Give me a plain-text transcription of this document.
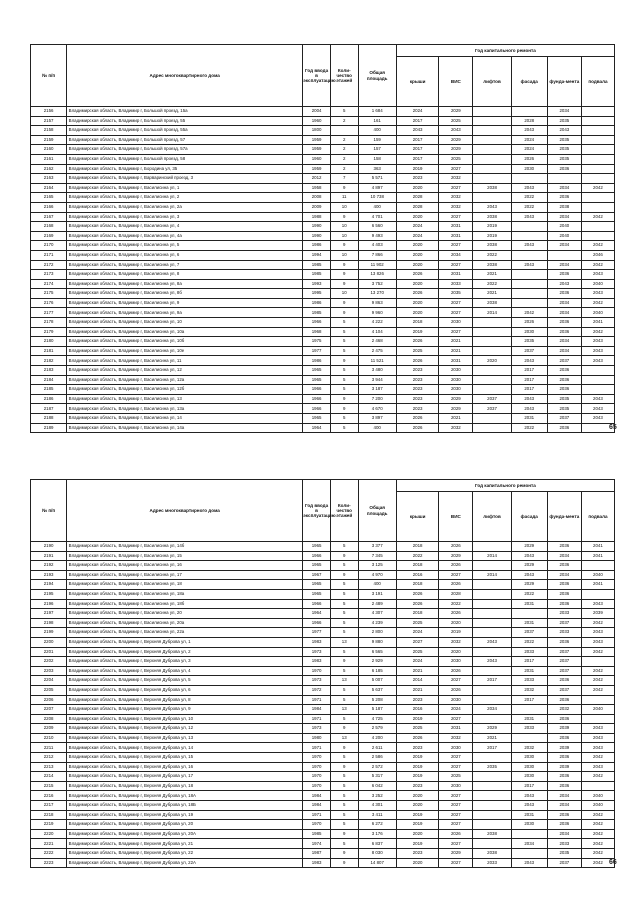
№ п/п	Адрес многоквартирного дома	Год ввода в эксплуатацию	Коли-чество этажей	Общая площадь	Год капитального ремонта					
					крыши	ВИС	лифтов	фасада	фунда-мента	подвала
2156	Владимирская область, Владимир г, Большой проезд, 15а	2004	5	1 684	2024	2029			2034	
2157	Владимирская область, Владимир г, Большой проезд, 55	1960	2	161	2017	2025		2028	2035	
2158	Владимирская область, Владимир г, Большой проезд, 55а	1800		400	2043	2043		2043	2043	
2159	Владимирская область, Владимир г, Большой проезд, 57	1959	2	159	2017	2029		2024	2035	
2160	Владимирская область, Владимир г, Большой проезд, 57а	1959	2	157	2017	2029		2024	2035	
2161	Владимирская область, Владимир г, Большой проезд, 58	1960	2	158	2017	2025		2026	2035	
2162	Владимирская область, Владимир г, Бородина ул, 35	1959	2	363	2019	2027		2030	2036	
2163	Владимирская область, Владимир г, Варваринский проезд, 3	2012	7	5 571	2023	2032				
2164	Владимирская область, Владимир г, Василисина ул, 1	1958	9	4 897	2020	2027	2038	2043	2034	2042
2165	Владимирская область, Владимир г, Василисина ул, 2	2008	11	10 738	2028	2032		2022	2036	
2166	Владимирская область, Владимир г, Василисина ул, 2а	2009	10	400	2028	2032	2043	2022	2038	
2167	Владимирская область, Владимир г, Василисина ул, 3	1988	9	4 701	2020	2027	2038	2043	2034	2042
2168	Владимирская область, Владимир г, Василисина ул, 4	1990	10	6 560	2024	2031	2019		2040	
2169	Владимирская область, Владимир г, Василисина ул, 4а	1990	10	9 493	2024	2031	2019		2040	
2170	Владимирская область, Владимир г, Василисина ул, 5	1986	9	4 403	2020	2027	2038	2043	2034	2042
2171	Владимирская область, Владимир г, Василисина ул, 6	1994	10	7 866	2020	2034	2022			2046
2172	Владимирская область, Владимир г, Василисина ул, 7	1985	9	11 902	2020	2027	2038	2043	2034	2042
2173	Владимирская область, Владимир г, Василисина ул, 8	1985	9	13 826	2026	2031	2021		2036	2043
2174	Владимирская область, Владимир г, Василисина ул, 8а	1993	9	3 752	2020	2033	2022		2043	2040
2175	Владимирская область, Владимир г, Василисина ул, 8б	1995	10	13 270	2026	2035	2021		2036	2043
2176	Владимирская область, Владимир г, Василисина ул, 9	1986	9	9 863	2020	2027	2038		2034	2042
2177	Владимирская область, Владимир г, Василисина ул, 9а	1985	9	9 960	2020	2027	2014	2042	2034	2040
2178	Владимирская область, Владимир г, Василисина ул, 10	1966	5	4 222	2018	2030		2026	2036	2041
2179	Владимирская область, Владимир г, Василисина ул, 10а	1968	5	4 104	2019	2027		2030	2036	2042
2180	Владимирская область, Владимир г, Василисина ул, 10б	1975	5	2 468	2026	2021		2035	2034	2043
2181	Владимирская область, Владимир г, Василисина ул, 10е	1977	5	2 475	2025	2021		2037	2034	2043
2182	Владимирская область, Владимир г, Василисина ул, 11	1986	9	11 521	2026	2031	2020	2043	2037	2043
2183	Владимирская область, Владимир г, Василисина ул, 12	1965	5	3 480	2023	2030		2017	2036	
2184	Владимирская область, Владимир г, Василисина ул, 12а	1965	5	3 944	2023	2030		2017	2036	
2185	Владимирская область, Владимир г, Василисина ул, 12б	1966	5	3 187	2023	2030		2017	2036	
2186	Владимирская область, Владимир г, Василисина ул, 13	1966	9	7 200	2023	2029	2037	2043	2035	2043
2187	Владимирская область, Владимир г, Василисина ул, 13а	1966	9	4 670	2023	2029	2037	2043	2035	2043
2188	Владимирская область, Владимир г, Василисина ул, 14	1965	5	3 897	2026	2021		2031	2037	2043
2189	Владимирская область, Владимир г, Василисина ул, 14а	1964	5	400	2026	2032		2022	2036		65
№ п/п	Адрес многоквартирного дома	Год ввода в эксплуатацию	Коли-чество этажей	Общая площадь	Год капитального ремонта					
					крыши	ВИС	лифтов	фасада	фунда-мента	подвала
2190	Владимирская область, Владимир г, Василисина ул, 14б	1965	5	3 377	2018	2026		2029	2036	2041
2191	Владимирская область, Владимир г, Василисина ул, 15	1966	9	7 345	2022	2029	2014	2043	2034	2041
2192	Владимирская область, Владимир г, Василисина ул, 16	1965	5	3 125	2018	2026		2029	2036	
2193	Владимирская область, Владимир г, Василисина ул, 17	1967	9	4 970	2016	2027	2014	2043	2034	2040
2194	Владимирская область, Владимир г, Василисина ул, 18	1965	5	400	2018	2026		2029	2036	2041
2195	Владимирская область, Владимир г, Василисина ул, 18а	1965	5	3 191	2026	2028		2022	2036	
2196	Владимирская область, Владимир г, Василисина ул, 18б	1966	5	2 489	2026	2022		2031	2036	2043
2197	Владимирская область, Владимир г, Василисина ул, 20	1964	5	4 307	2018	2026			2033	2039
2198	Владимирская область, Владимир г, Василисина ул, 20а	1966	5	4 239	2025	2020		2031	2037	2042
2199	Владимирская область, Владимир г, Василисина ул, 22а	1977	5	2 800	2024	2019		2037	2033	2043
2200	Владимирская область, Владимир г, Верхняя Дуброва ул, 1	1983	13	9 880	2027	2032	2043	2022	2036	2043
2201	Владимирская область, Владимир г, Верхняя Дуброва ул, 2	1973	5	6 565	2025	2020		2033	2037	2042
2202	Владимирская область, Владимир г, Верхняя Дуброва ул, 3	1983	9	2 929	2024	2030	2043	2017	2037	
2203	Владимирская область, Владимир г, Верхняя Дуброва ул, 4	1970	5	6 185	2021	2026		2031	2037	2042
2204	Владимирская область, Владимир г, Верхняя Дуброва ул, 5	1973	13	5 007	2014	2027	2017	2033	2036	2042
2205	Владимирская область, Владимир г, Верхняя Дуброва ул, 6	1972	5	5 637	2021	2026		2032	2037	2042
2206	Владимирская область, Владимир г, Верхняя Дуброва ул, 8	1971	5	5 208	2023	2030		2017	2036	
2207	Владимирская область, Владимир г, Верхняя Дуброва ул, 9	1984	13	5 187	2016	2024	2034		2032	2040
2208	Владимирская область, Владимир г, Верхняя Дуброва ул, 10	1971	5	4 725	2019	2027		2031	2036	
2209	Владимирская область, Владимир г, Верхняя Дуброва ул, 12	1973	9	2 579	2025	2031	2029	2033	2039	2043
2210	Владимирская область, Владимир г, Верхняя Дуброва ул, 13	1980	13	4 200	2026	2032	2021		2036	2043
2211	Владимирская область, Владимир г, Верхняя Дуброва ул, 14	1971	9	2 611	2023	2030	2017	2032	2039	2043
2212	Владимирская область, Владимир г, Верхняя Дуброва ул, 15	1970	5	2 586	2019	2027		2030	2036	2042
2213	Владимирская область, Владимир г, Верхняя Дуброва ул, 16	1970	9	2 572	2019	2027	2035	2030	2039	2043
2214	Владимирская область, Владимир г, Верхняя Дуброва ул, 17	1970	5	5 317	2019	2025		2030	2036	2042
2215	Владимирская область, Владимир г, Верхняя Дуброва ул, 18	1970	5	6 042	2023	2030		2017	2036	
2216	Владимирская область, Владимир г, Верхняя Дуброва ул, 18А	1984	5	3 252	2020	2027		2043	2034	2040
2217	Владимирская область, Владимир г, Верхняя Дуброва ул, 18Б	1984	5	4 301	2020	2027		2043	2034	2040
2218	Владимирская область, Владимир г, Верхняя Дуброва ул, 19	1971	5	3 411	2019	2027		2031	2036	2042
2219	Владимирская область, Владимир г, Верхняя Дуброва ул, 20	1970	5	6 272	2019	2027		2030	2036	2042
2220	Владимирская область, Владимир г, Верхняя Дуброва ул, 20А	1985	9	3 176	2020	2026	2038		2034	2042
2221	Владимирская область, Владимир г, Верхняя Дуброва ул, 21	1974	5	6 837	2019	2027		2034	2033	2042
2222	Владимирская область, Владимир г, Верхняя Дуброва ул, 22	1987	9	8 030	2023	2029	2038		2035	2042
2223	Владимирская область, Владимир г, Верхняя Дуброва ул, 22А	1983	9	14 807	2020	2027	2033	2043	2037	2042 66
